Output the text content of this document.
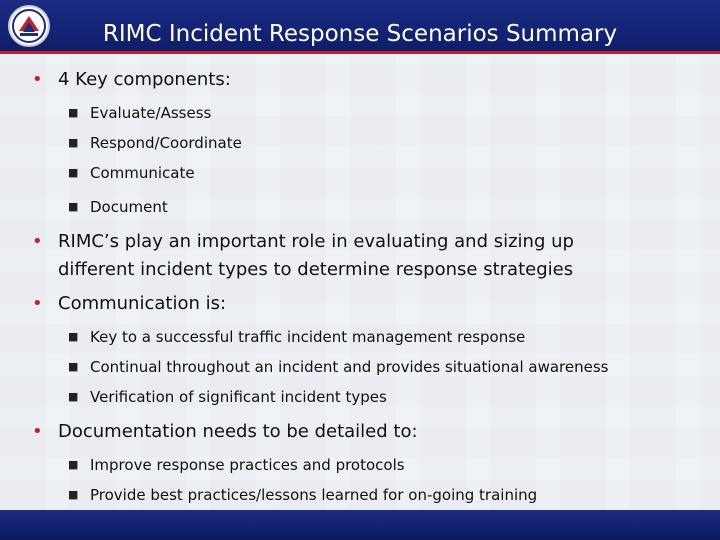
RIMC Incident Response Scenarios Summary

• 4 Key components:

■ Evaluate/Assess

■ Respond/Coordinate

■ Communicate

■ Document

• RIMC’s play an important role in evaluating and sizing up
different incident types to determine response strategies

• Communication is:

■ Key to a successful traffic incident management response

■ Continual throughout an incident and provides situational awareness

■ Verification of significant incident types

• Documentation needs to be detailed to:

■ Improve response practices and protocols

■ Provide best practices/lessons learned for on-going training
